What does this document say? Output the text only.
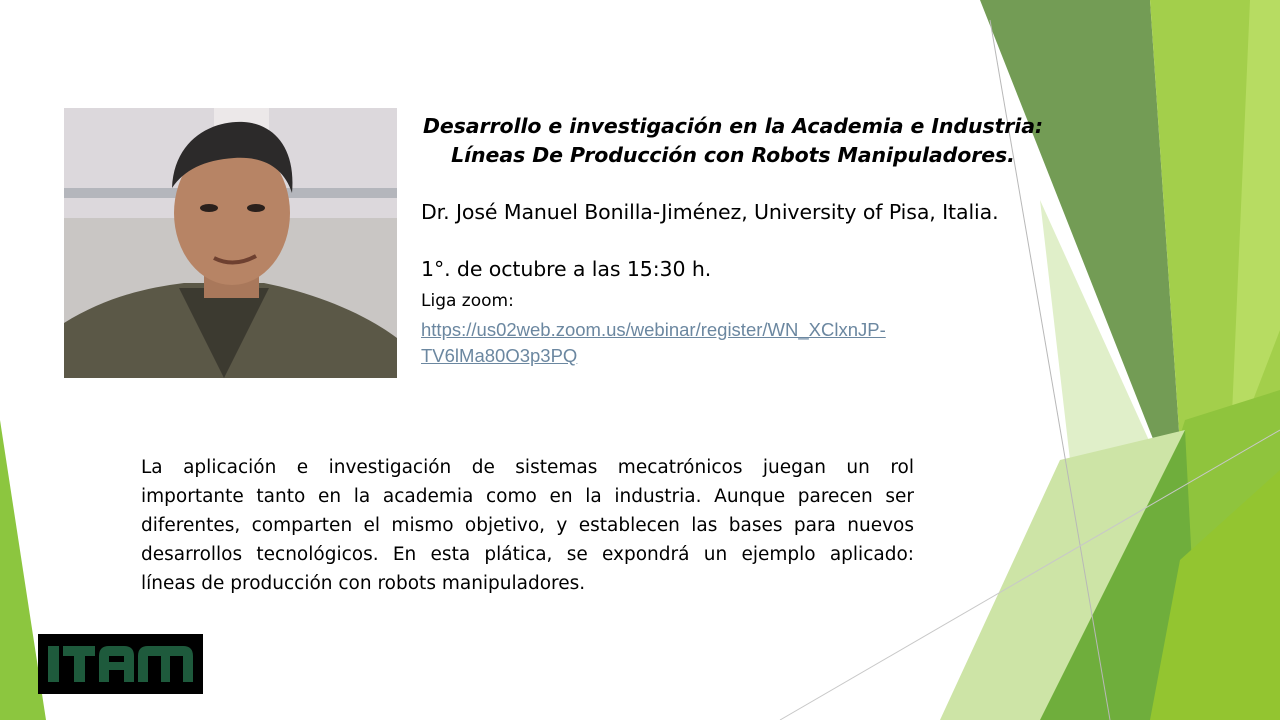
Desarrollo e investigación en la Academia e Industria:
Líneas De Producción con Robots Manipuladores.
Dr. José Manuel Bonilla-Jiménez, University of Pisa, Italia.
1°. de octubre a las 15:30 h.
Liga zoom:
https://us02web.zoom.us/webinar/register/WN_XClxnJP-
TV6lMa80O3p3PQ
La aplicación e investigación de sistemas mecatrónicos juegan un rol
importante tanto en la academia como en la industria. Aunque parecen ser
diferentes, comparten el mismo objetivo, y establecen las bases para nuevos
desarrollos tecnológicos. En esta plática, se expondrá un ejemplo aplicado:
líneas de producción con robots manipuladores.
